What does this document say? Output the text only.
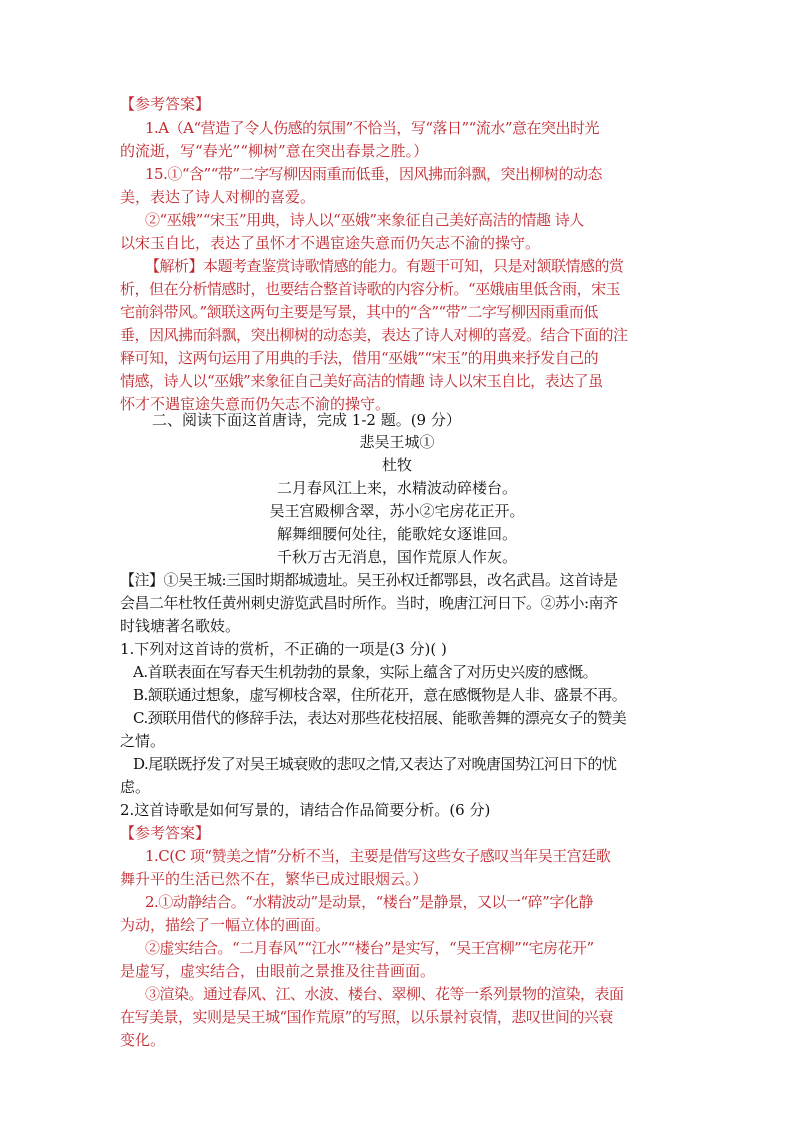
【参考答案】
1.A（A“营造了令人伤感的氛围”不恰当，写“落日”“流水”意在突出时光
的流逝，写“春光”“柳树”意在突出春景之胜。）
15.①“含”“带”二字写柳因雨重而低垂，因风拂而斜飘，突出柳树的动态
美，表达了诗人对柳的喜爱。
②“巫娥”“宋玉”用典，诗人以“巫娥”来象征自己美好高洁的情趣 诗人
以宋玉自比，表达了虽怀才不遇宦途失意而仍矢志不渝的操守。
【解析】本题考查鉴赏诗歌情感的能力。有题干可知，只是对颔联情感的赏
析，但在分析情感时，也要结合整首诗歌的内容分析。“巫娥庙里低含雨，宋玉
宅前斜带风。”颔联这两句主要是写景，其中的“含”“带”二字写柳因雨重而低
垂，因风拂而斜飘，突出柳树的动态美，表达了诗人对柳的喜爱。结合下面的注
释可知，这两句运用了用典的手法，借用“巫娥”“宋玉”的用典来抒发自己的
情感，诗人以“巫娥”来象征自己美好高洁的情趣 诗人以宋玉自比，表达了虽
怀才不遇宦途失意而仍矢志不渝的操守。
二、阅读下面这首唐诗，完成 1-2 题。(9 分）
悲吴王城①
杜牧
二月春风江上来，水精波动碎楼台。
吴王宫殿柳含翠，苏小②宅房花正开。
解舞细腰何处往，能歌姹女逐谁回。
千秋万古无消息，国作荒原人作灰。
【注】①吴王城:三国时期都城遗址。吴王孙权迁都鄂县，改名武昌。这首诗是
会昌二年杜牧任黄州刺史游览武昌时所作。当时，晚唐江河日下。②苏小:南齐
时钱塘著名歌妓。
1.下列对这首诗的赏析，不正确的一项是(3 分)( )
A.首联表面在写春天生机勃勃的景象，实际上蕴含了对历史兴废的感慨。
B.颔联通过想象，虚写柳枝含翠，住所花开，意在感慨物是人非、盛景不再。
C.颈联用借代的修辞手法，表达对那些花枝招展、能歌善舞的漂亮女子的赞美
之情。
D.尾联既抒发了对吴王城衰败的悲叹之情,又表达了对晚唐国势江河日下的忧
虑。
2.这首诗歌是如何写景的，请结合作品简要分析。(6 分)
【参考答案】
1.C(C 项“赞美之情”分析不当，主要是借写这些女子感叹当年吴王宫廷歌
舞升平的生活已然不在，繁华已成过眼烟云。）
2.①动静结合。“水精波动”是动景，“楼台”是静景，又以一“碎”字化静
为动，描绘了一幅立体的画面。
②虚实结合。“二月春风”“江水”“楼台”是实写，“吴王宫柳”“宅房花开”
是虚写，虚实结合，由眼前之景推及往昔画面。
③渲染。通过春风、江、水波、楼台、翠柳、花等一系列景物的渲染，表面
在写美景，实则是吴王城“国作荒原”的写照，以乐景衬哀情，悲叹世间的兴衰
变化。
